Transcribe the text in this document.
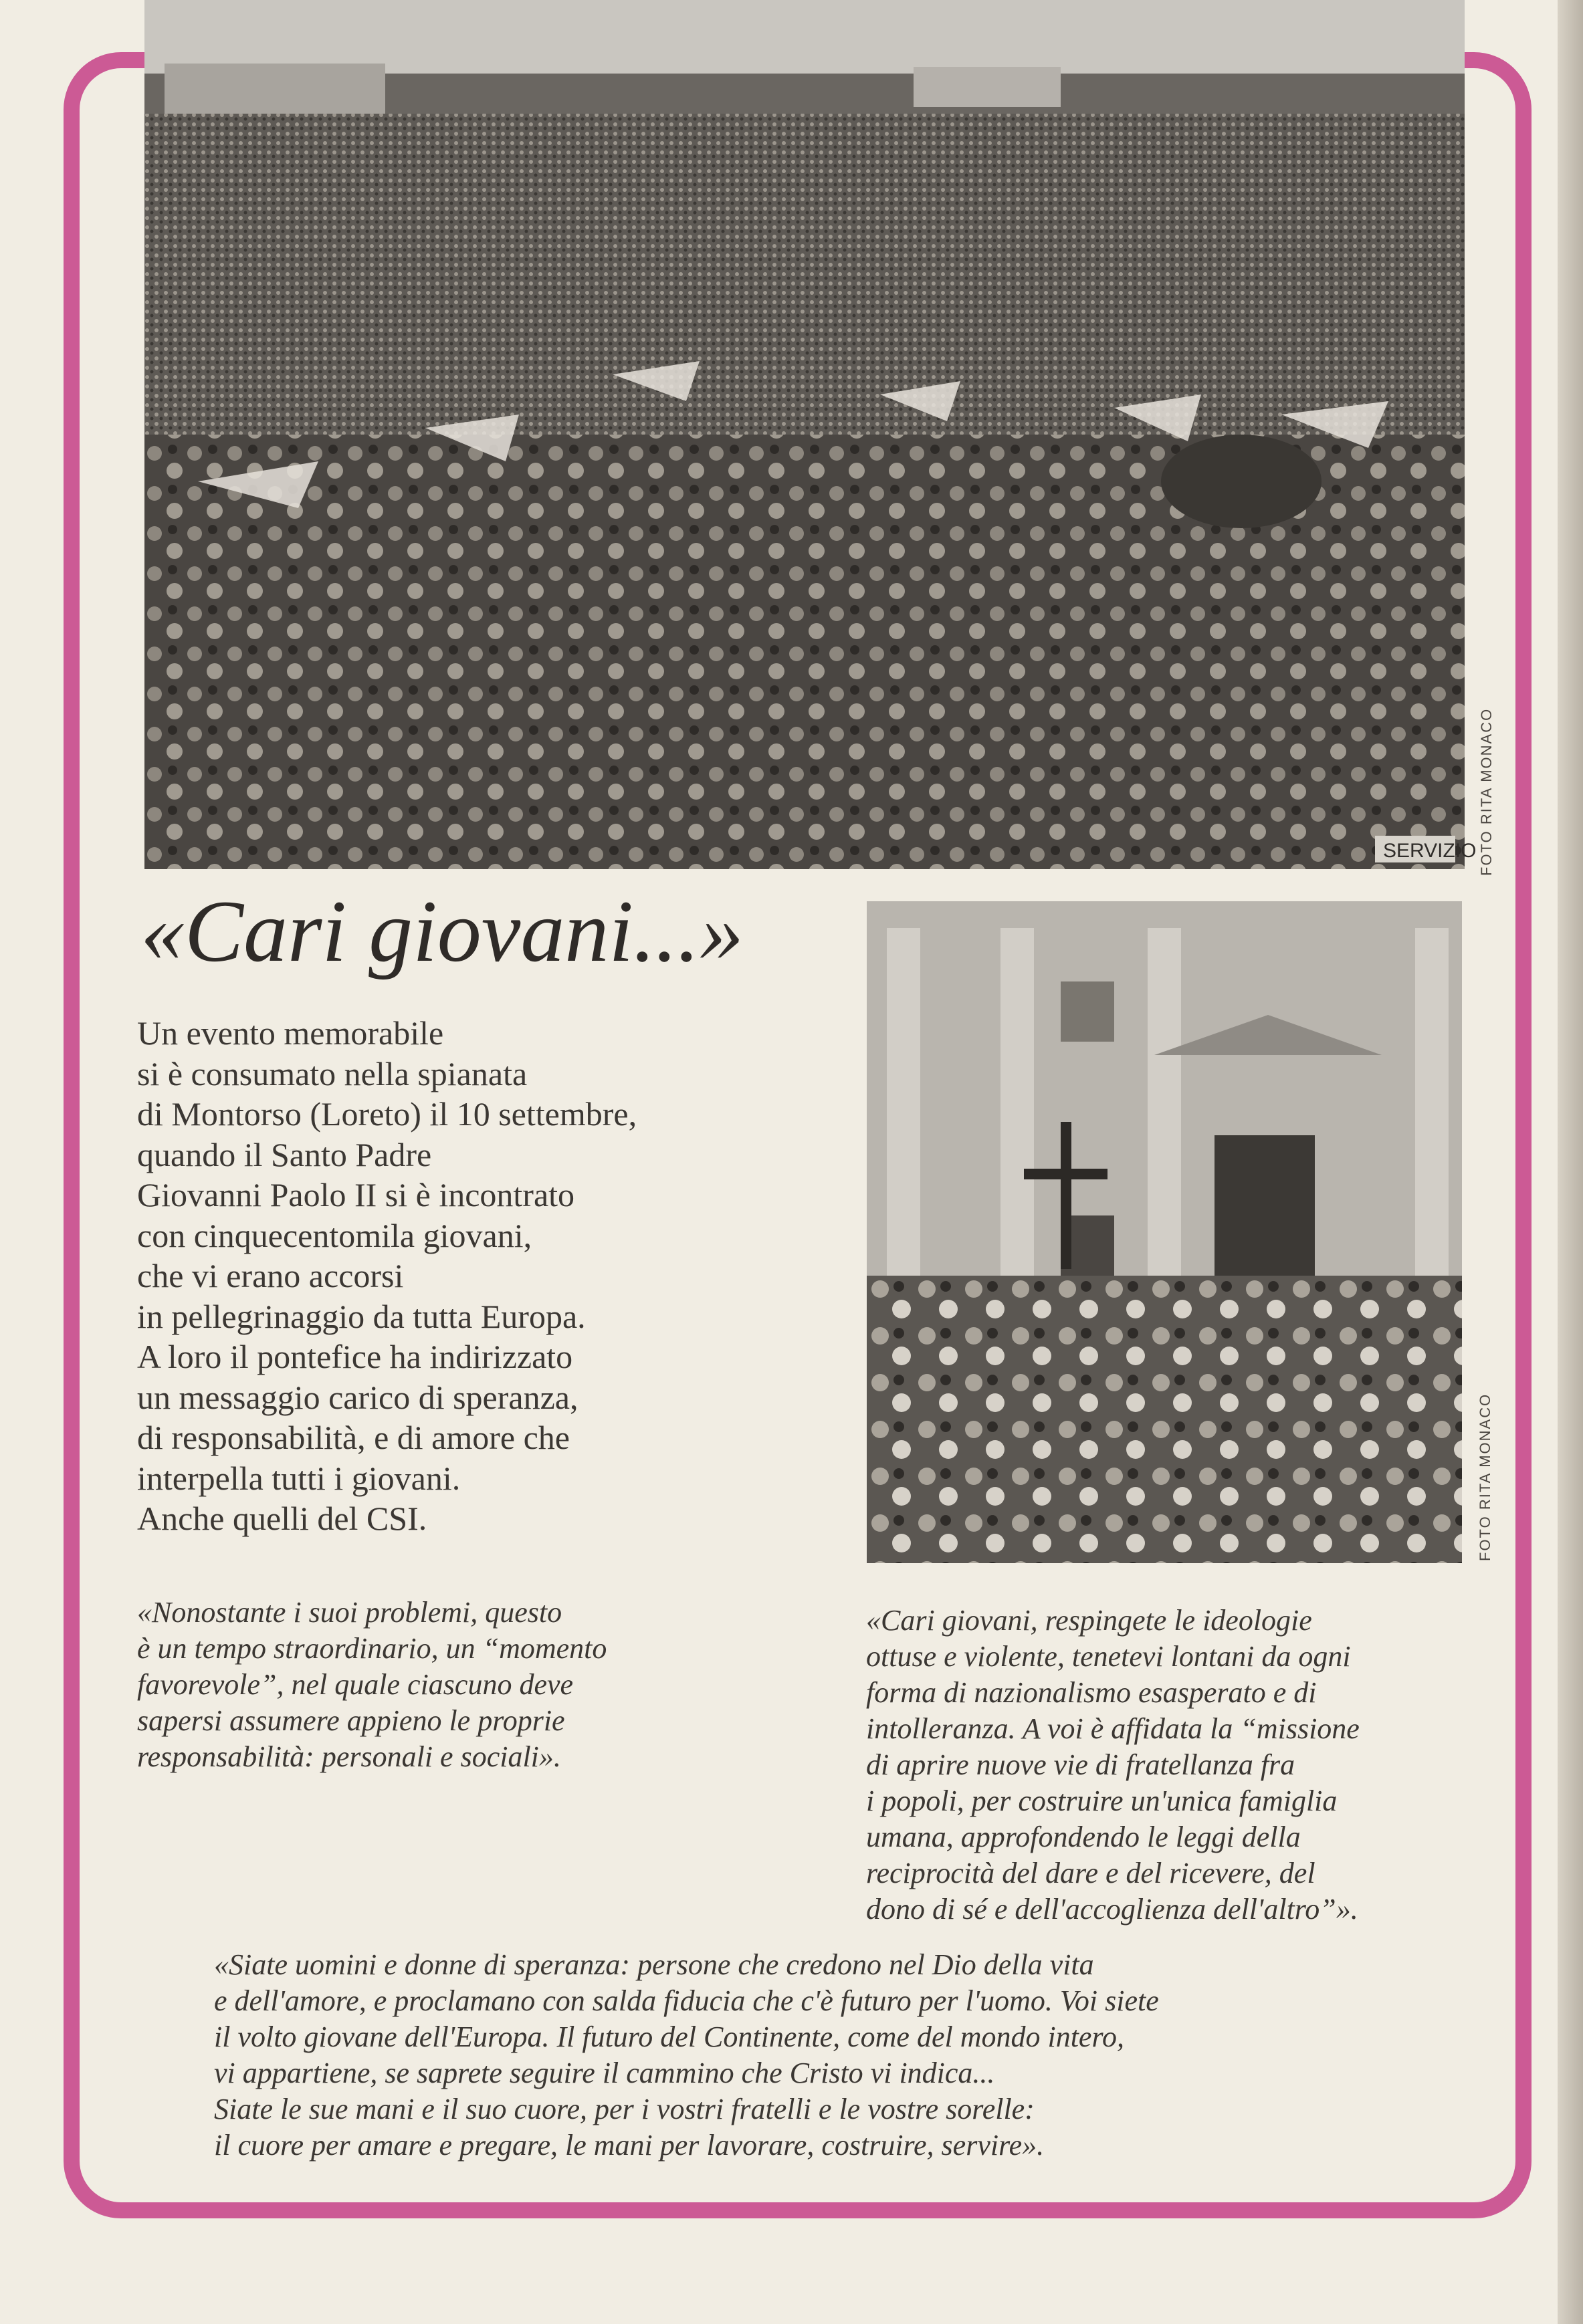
SERVIZIO FOTO RITA MONACO
«Cari giovani...»

Un evento memorabile
si è consumato nella spianata
di Montorso (Loreto) il 10 settembre,
quando il Santo Padre
Giovanni Paolo II si è incontrato
con cinquecentomila giovani,
che vi erano accorsi
in pellegrinaggio da tutta Europa.
A loro il pontefice ha indirizzato
un messaggio carico di speranza,
di responsabilità, e di amore che
interpella tutti i giovani.
Anche quelli del CSI.	FOTO RITA MONACO

«Nonostante i suoi problemi, questo
è un tempo straordinario, un “momento
favorevole”, nel quale ciascuno deve
sapersi assumere appieno le proprie
responsabilità: personali e sociali».

«Cari giovani, respingete le ideologie
ottuse e violente, tenetevi lontani da ogni
forma di nazionalismo esasperato e di
intolleranza. A voi è affidata la “missione
di aprire nuove vie di fratellanza fra
i popoli, per costruire un'unica famiglia
umana, approfondendo le leggi della
reciprocità del dare e del ricevere, del
dono di sé e dell'accoglienza dell'altro”».

«Siate uomini e donne di speranza: persone che credono nel Dio della vita
e dell'amore, e proclamano con salda fiducia che c'è futuro per l'uomo. Voi siete
il volto giovane dell'Europa. Il futuro del Continente, come del mondo intero,
vi appartiene, se saprete seguire il cammino che Cristo vi indica...
Siate le sue mani e il suo cuore, per i vostri fratelli e le vostre sorelle:
il cuore per amare e pregare, le mani per lavorare, costruire, servire».
